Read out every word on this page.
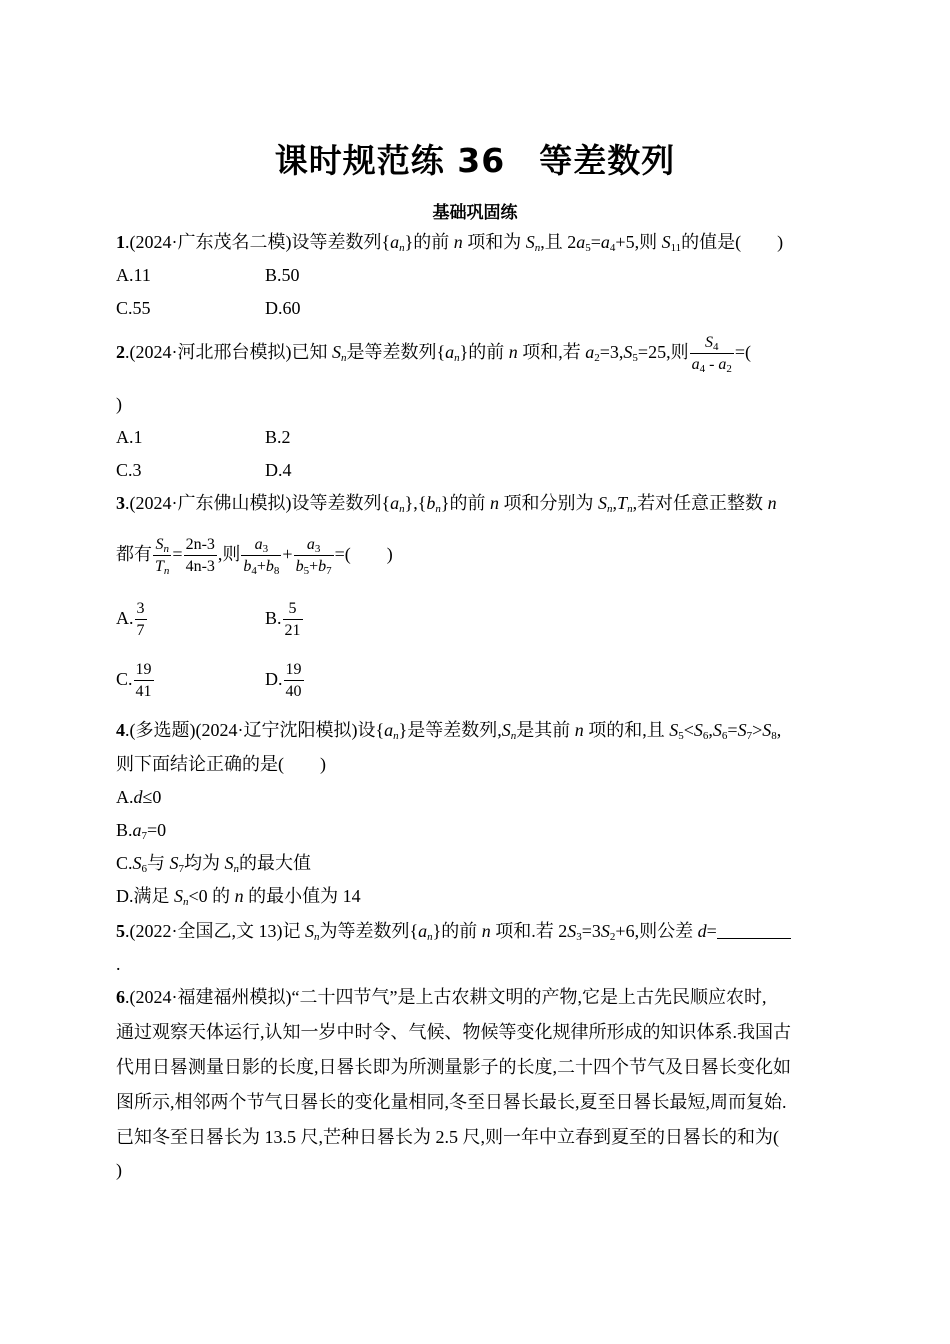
课时规范练 36　等差数列
基础巩固练
1.(2024·广东茂名二模)设等差数列$\{a_n\}$的前 n 项和为 $S_n$,且 $2a_5=a_4+5$,则 $S_{11}$的值是( )
A.11	B.50
C.55	D.60
2.(2024·河北邢台模拟)已知 $S_n$是等差数列$\{a_n\}$的前 n 项和,若 $a_2=3,S_5=25$,则 $\frac{S_4}{a_4 - a_2}$ =(
)
A.1	B.2
C.3	D.4
3.(2024·广东佛山模拟)设等差数列$\{a_n\},\{b_n\}$的前 n 项和分别为 $S_n,T_n$,若对任意正整数 n
都有 $\frac{S_n}{T_n} = \frac{2n-3}{4n-3}$ ,则 $\frac{a_3}{b_4+b_8} + \frac{a_3}{b_5+b_7}$ =( )
A. $\frac{3}{7}$	B. $\frac{5}{21}$
C. $\frac{19}{41}$	D. $\frac{19}{40}$
4.(多选题)(2024·辽宁沈阳模拟)设$\{a_n\}$是等差数列$,S_n$是其前 n 项的和,且 $S_5<S_6,S_6=S_7>S_8$,
则下面结论正确的是(　　)
A.d≤0
$B.a_7=0$
$C.S_6$与 $S_7$均为 $S_n$的最大值
D.满足 $S_n<0$ 的 n 的最小值为 14
5.(2022·全国乙,文 13)记 $S_n$为等差数列$\{a_n\}$的前 n 项和.若 $2S_3=3S_2+6$,则公差 d=
.
6.(2024·福建福州模拟)“二十四节气”是上古农耕文明的产物,它是上古先民顺应农时,
通过观察天体运行,认知一岁中时令、气候、物候等变化规律所形成的知识体系.我国古
代用日晷测量日影的长度,日晷长即为所测量影子的长度,二十四个节气及日晷长变化如
图所示,相邻两个节气日晷长的变化量相同,冬至日晷长最长,夏至日晷长最短,周而复始.
已知冬至日晷长为 13.5 尺,芒种日晷长为 2.5 尺,则一年中立春到夏至的日晷长的和为(
)
